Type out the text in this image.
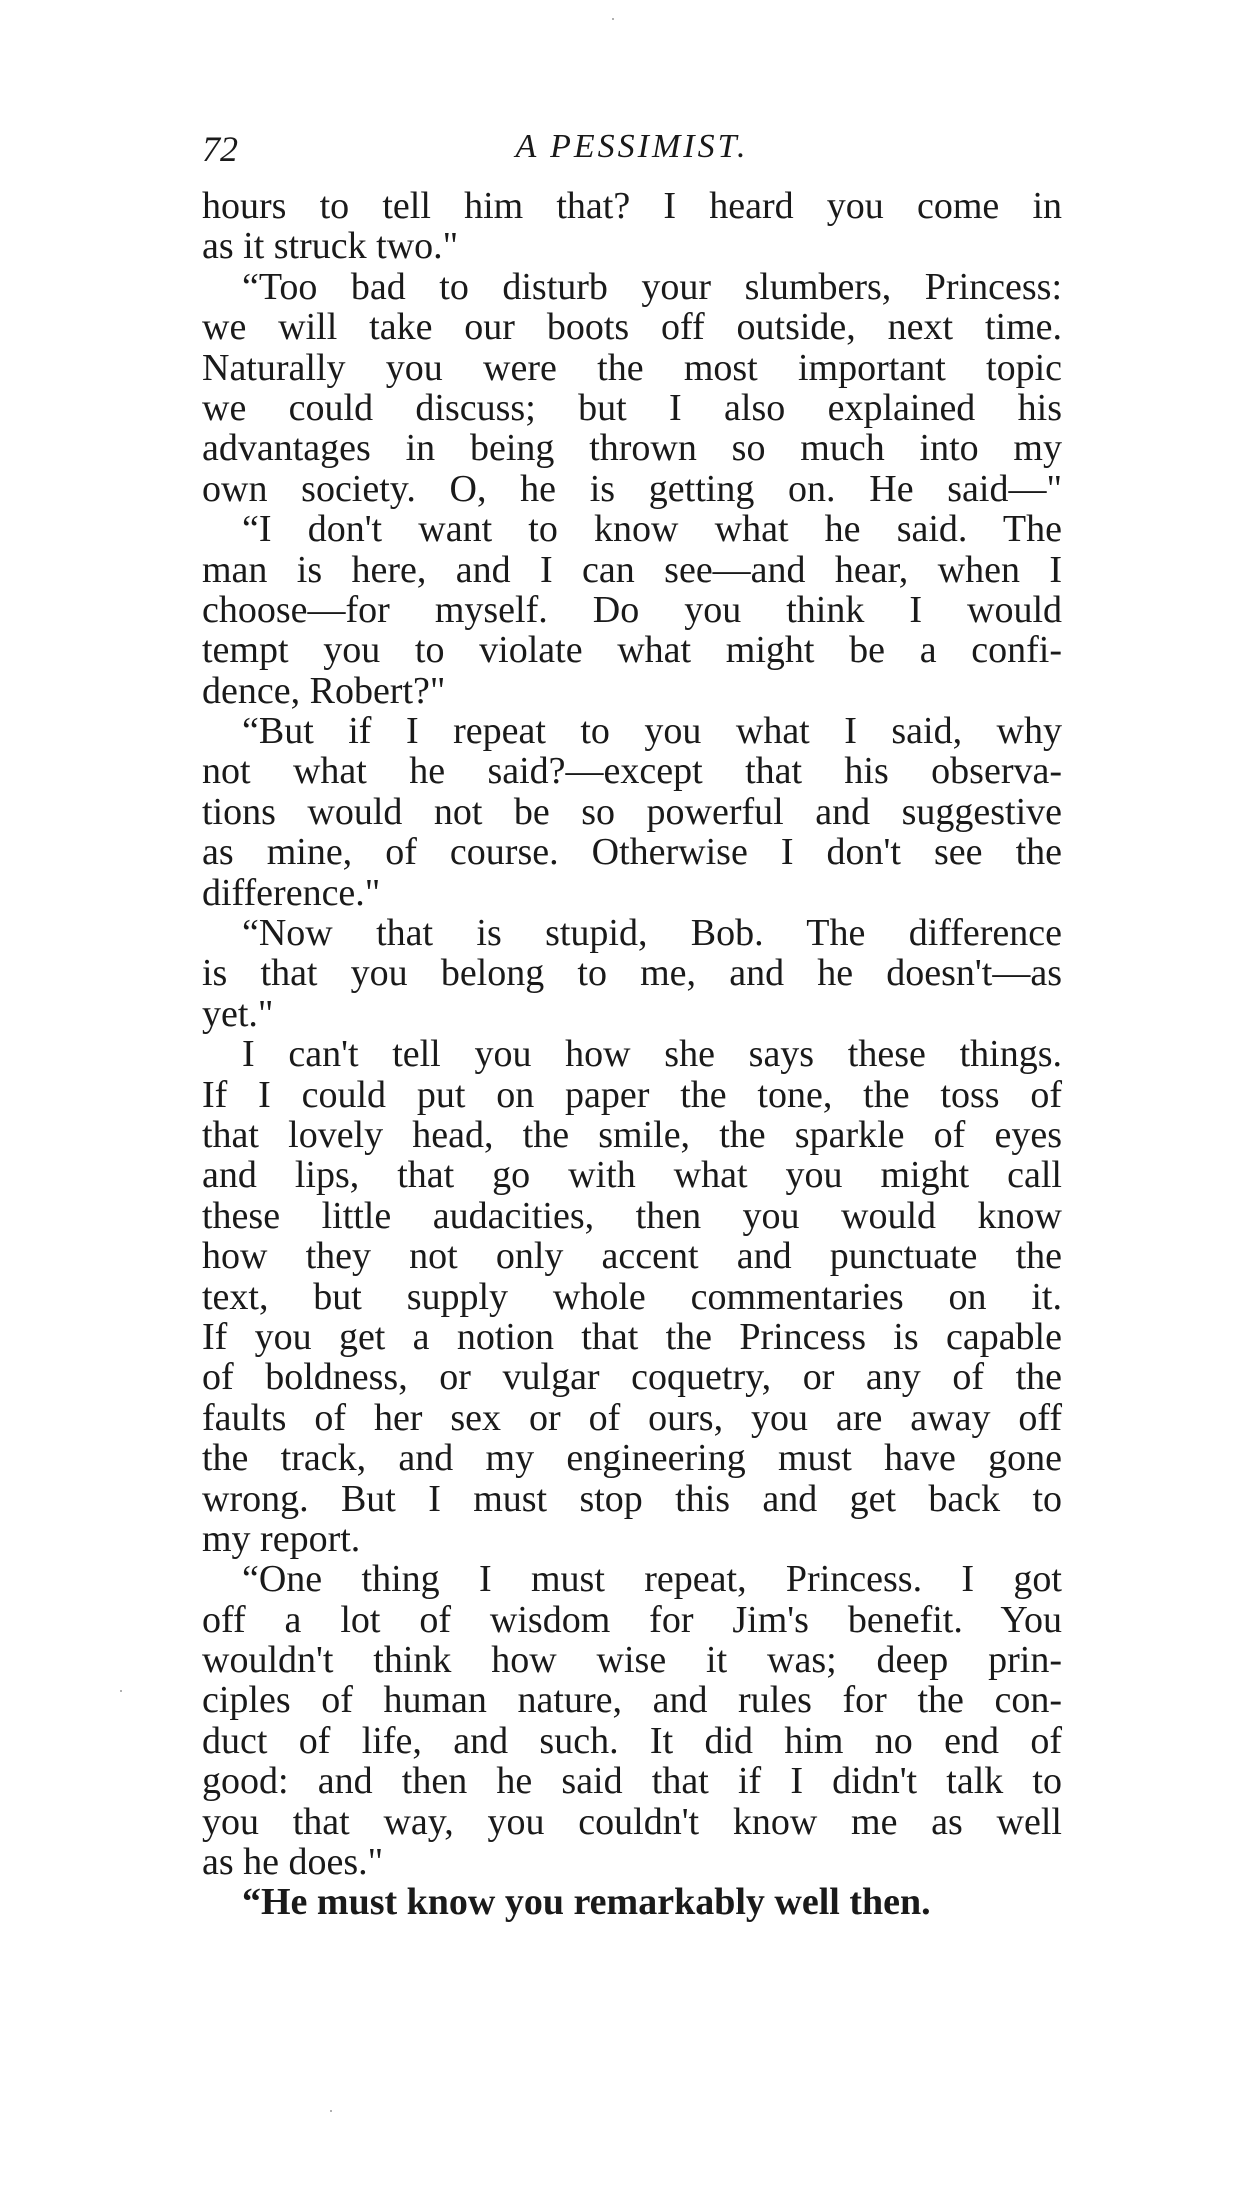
72	A PESSIMIST.
hours to tell him that? I heard you come in
as it struck two."
“Too bad to disturb your slumbers, Princess:
we will take our boots off outside, next time.
Naturally you were the most important topic
we could discuss; but I also explained his
advantages in being thrown so much into my
own society. O, he is getting on. He said—"
“I don't want to know what he said. The
man is here, and I can see—and hear, when I
choose—for myself. Do you think I would
tempt you to violate what might be a confi-
dence, Robert?"
“But if I repeat to you what I said, why
not what he said?—except that his observa-
tions would not be so powerful and suggestive
as mine, of course. Otherwise I don't see the
difference."
“Now that is stupid, Bob. The difference
is that you belong to me, and he doesn't—as
yet."
I can't tell you how she says these things.
If I could put on paper the tone, the toss of
that lovely head, the smile, the sparkle of eyes
and lips, that go with what you might call
these little audacities, then you would know
how they not only accent and punctuate the
text, but supply whole commentaries on it.
If you get a notion that the Princess is capable
of boldness, or vulgar coquetry, or any of the
faults of her sex or of ours, you are away off
the track, and my engineering must have gone
wrong. But I must stop this and get back to
my report.
“One thing I must repeat, Princess. I got
off a lot of wisdom for Jim's benefit. You
wouldn't think how wise it was; deep prin-
ciples of human nature, and rules for the con-
duct of life, and such. It did him no end of
good: and then he said that if I didn't talk to
you that way, you couldn't know me as well
as he does."
“He must know you remarkably well then.
